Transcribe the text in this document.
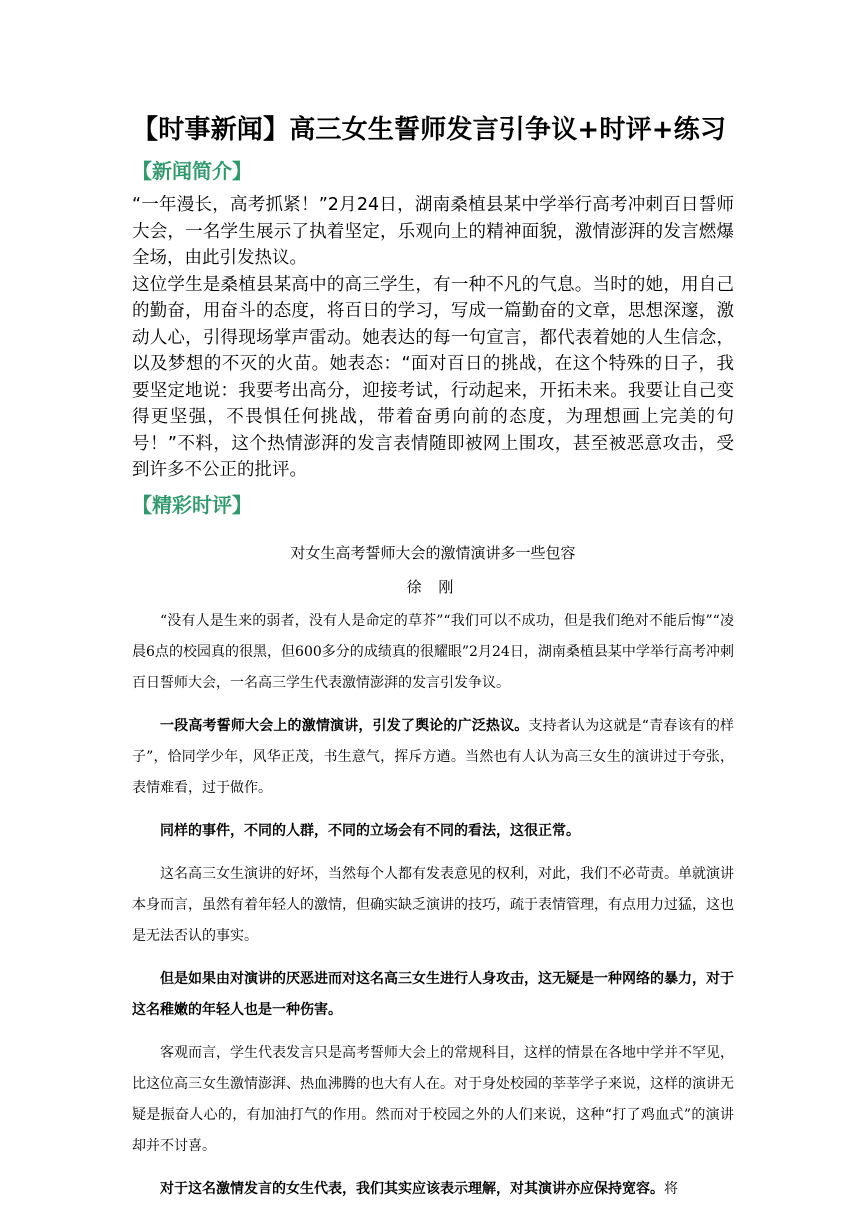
【时事新闻】高三女生誓师发言引争议+时评+练习
【新闻简介】

“一年漫长，高考抓紧！”2月24日，湖南桑植县某中学举行高考冲刺百日誓师大会，一名学生展示了执着坚定，乐观向上的精神面貌，激情澎湃的发言燃爆全场，由此引发热议。

这位学生是桑植县某高中的高三学生，有一种不凡的气息。当时的她，用自己的勤奋，用奋斗的态度，将百日的学习，写成一篇勤奋的文章，思想深邃，激动人心，引得现场掌声雷动。她表达的每一句宣言，都代表着她的人生信念，以及梦想的不灭的火苗。她表态：“面对百日的挑战，在这个特殊的日子，我要坚定地说：我要考出高分，迎接考试，行动起来，开拓未来。我要让自己变得更坚强，不畏惧任何挑战，带着奋勇向前的态度，为理想画上完美的句号！”不料，这个热情澎湃的发言表情随即被网上围攻，甚至被恶意攻击，受到许多不公正的批评。

【精彩时评】
对女生高考誓师大会的激情演讲多一些包容
徐 刚

“没有人是生来的弱者，没有人是命定的草芥”“我们可以不成功，但是我们绝对不能后悔”“凌晨6点的校园真的很黑，但600多分的成绩真的很耀眼”2月24日，湖南桑植县某中学举行高考冲刺百日誓师大会，一名高三学生代表激情澎湃的发言引发争议。

一段高考誓师大会上的激情演讲，引发了舆论的广泛热议。支持者认为这就是“青春该有的样子”，恰同学少年，风华正茂，书生意气，挥斥方遒。当然也有人认为高三女生的演讲过于夸张，表情难看，过于做作。

同样的事件，不同的人群，不同的立场会有不同的看法，这很正常。

这名高三女生演讲的好坏，当然每个人都有发表意见的权利，对此，我们不必苛责。单就演讲本身而言，虽然有着年轻人的激情，但确实缺乏演讲的技巧，疏于表情管理，有点用力过猛，这也是无法否认的事实。

但是如果由对演讲的厌恶进而对这名高三女生进行人身攻击，这无疑是一种网络的暴力，对于这名稚嫩的年轻人也是一种伤害。

客观而言，学生代表发言只是高考誓师大会上的常规科目，这样的情景在各地中学并不罕见，比这位高三女生激情澎湃、热血沸腾的也大有人在。对于身处校园的莘莘学子来说，这样的演讲无疑是振奋人心的，有加油打气的作用。然而对于校园之外的人们来说，这种“打了鸡血式”的演讲却并不讨喜。

对于这名激情发言的女生代表，我们其实应该表示理解，对其演讲亦应保持宽容。将
